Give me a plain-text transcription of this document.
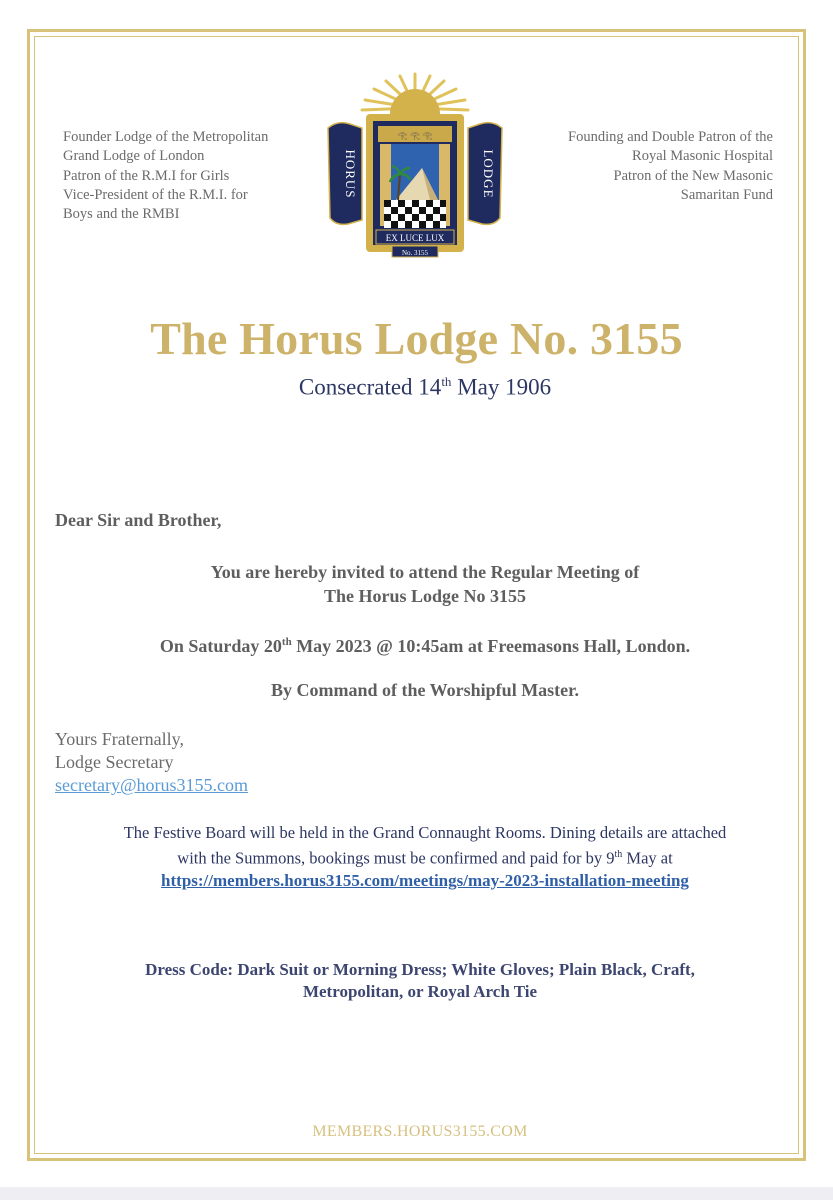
Founder Lodge of the Metropolitan
Grand Lodge of London
Patron of the R.M.I for Girls
Vice-President of the R.M.I. for
Boys and the RMBI
Founding and Double Patron of the
Royal Masonic Hospital
Patron of the New Masonic
Samaritan Fund
𓂀 𓂀 𓂀
EX LUCE LUX
No. 3155
HORUS	LODGE
The Horus Lodge No. 3155
Consecrated 14th May 1906
Dear Sir and Brother,
You are hereby invited to attend the Regular Meeting of
The Horus Lodge No 3155
On Saturday 20th May 2023 @ 10:45am at Freemasons Hall, London.
By Command of the Worshipful Master.
Yours Fraternally,
Lodge Secretary
secretary@horus3155.com
The Festive Board will be held in the Grand Connaught Rooms. Dining details are attached
with the Summons, bookings must be confirmed and paid for by 9th May at
https://members.horus3155.com/meetings/may-2023-installation-meeting
Dress Code: Dark Suit or Morning Dress; White Gloves; Plain Black, Craft,
Metropolitan, or Royal Arch Tie
MEMBERS.HORUS3155.COM
